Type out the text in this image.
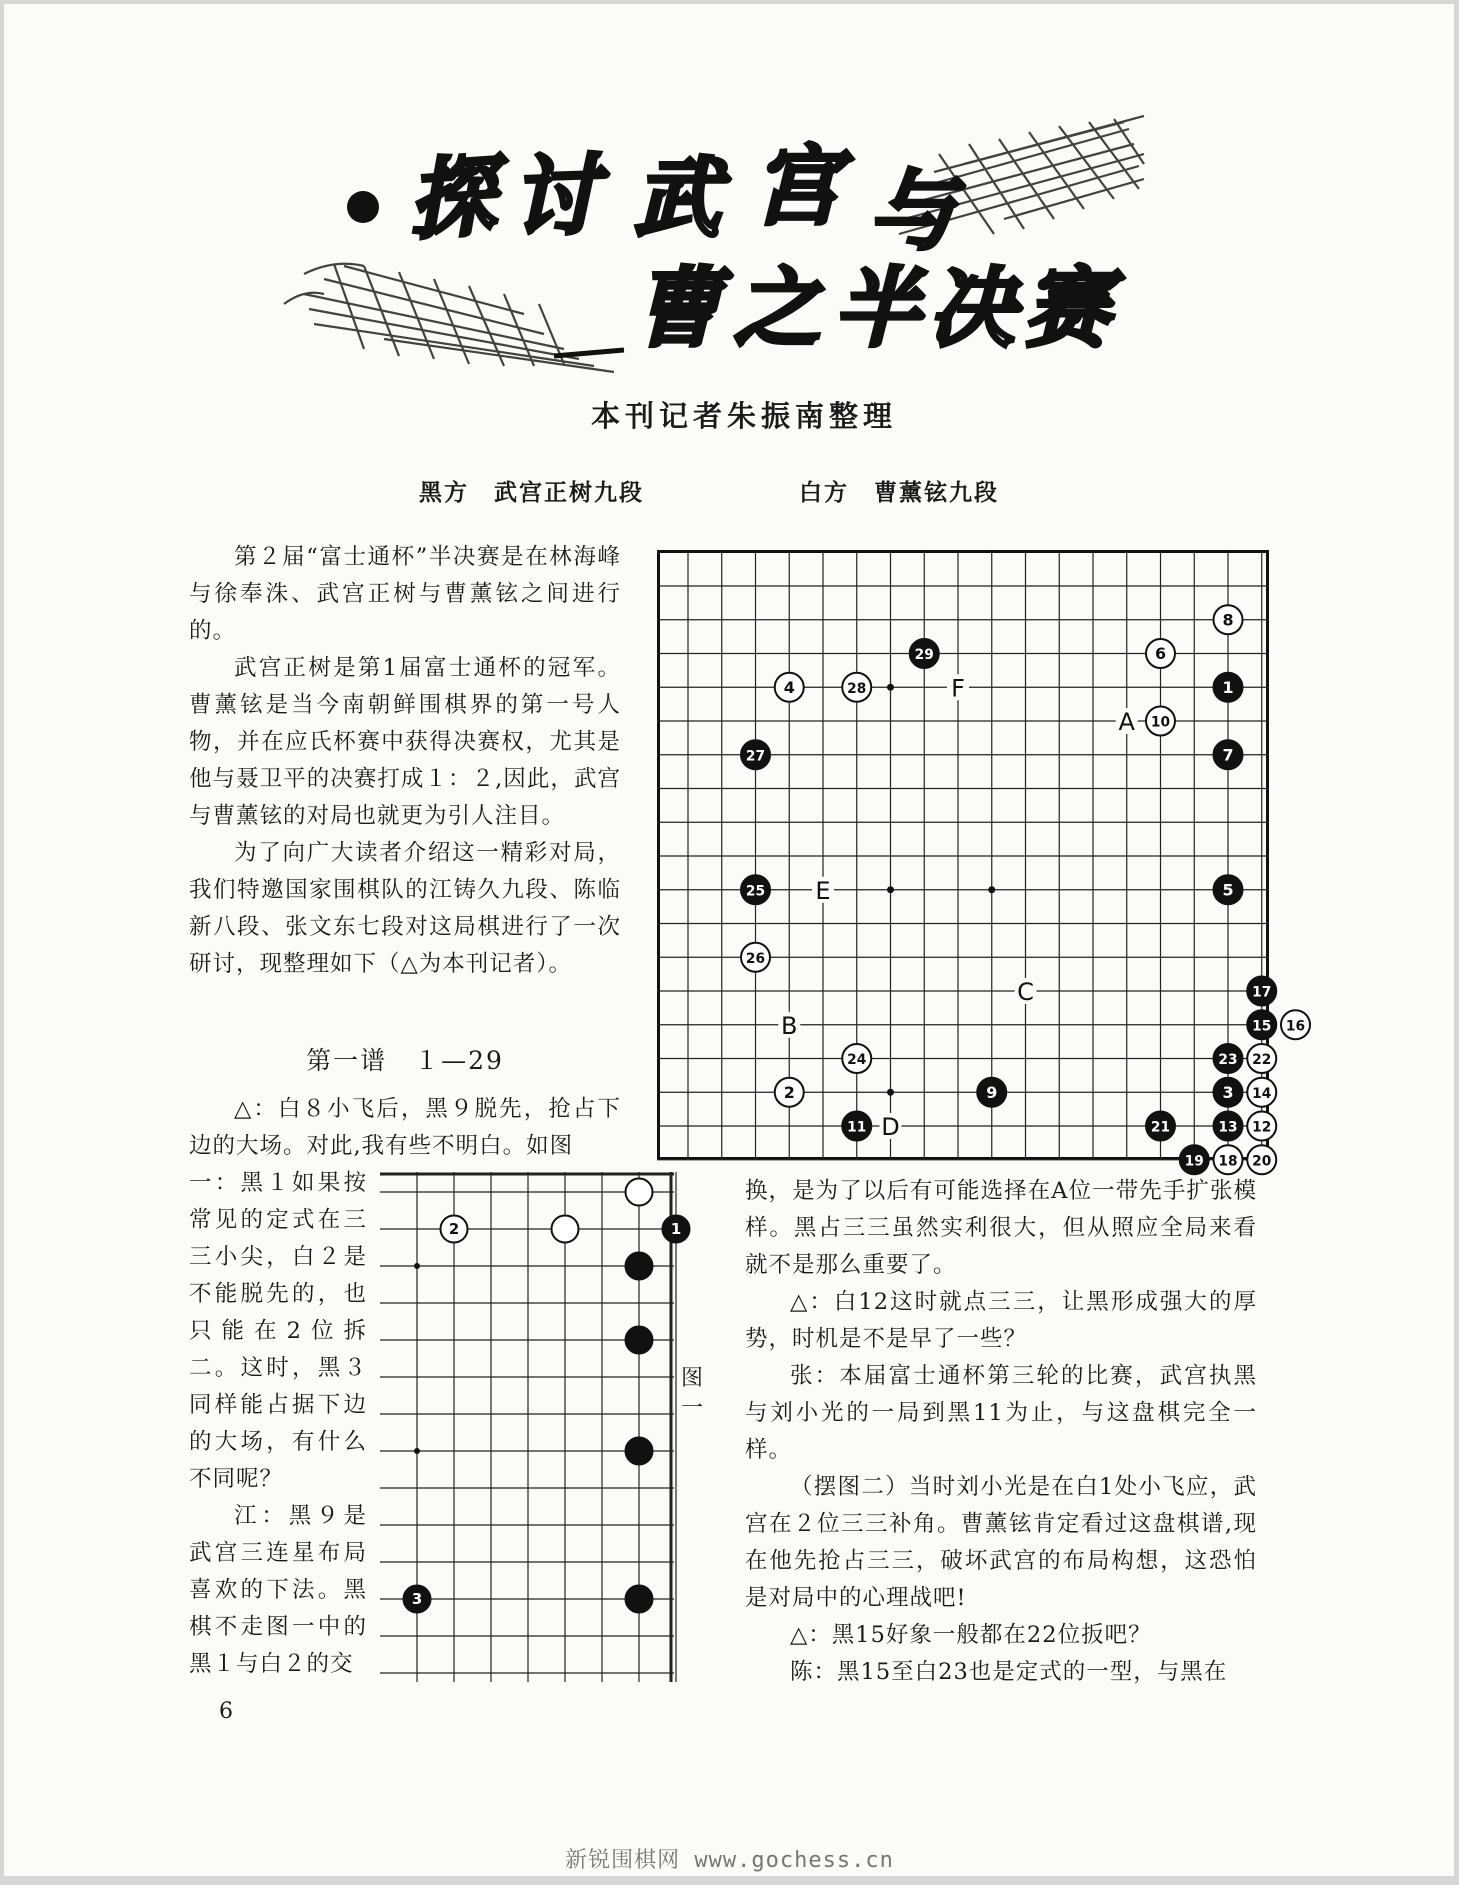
探 讨 武 宫 与
曹 之 半 决 赛
本刊记者朱振南整理
黑方　武宫正树九段	白方　曹薰铉九段

第２届“富士通杯”半决赛是在林海峰与徐奉洙、武宫正树与曹薰铉之间进行的。

武宫正树是第1届富士通杯的冠军。曹薰铉是当今南朝鲜围棋界的第一号人物，并在应氏杯赛中获得决赛权，尤其是他与聂卫平的决赛打成１：２,因此，武宫与曹薰铉的对局也就更为引人注目。

为了向广大读者介绍这一精彩对局，我们特邀国家围棋队的江铸久九段、陈临新八段、张文东七段对这局棋进行了一次研讨，现整理如下（△为本刊记者）。

第一谱　１—29

△：白８小飞后，黑９脱先，抢占下边的大场。对此,我有些不明白。如图

一：黑１如果按常见的定式在三三小尖，白２是不能脱先的，也只能在2位拆二。这时，黑３同样能占据下边的大场，有什么不同呢？

江：黑９是武宫三连星布局喜欢的下法。黑棋不走图一中的黑１与白２的交

A
B
C
D
E
F	1
2	3
4
5
6
7
8
9
10
11	12
13
14
15 16
17
18
19	20
21
22
23
24
25
26
27
28
29
2	1
3
图一

换，是为了以后有可能选择在A位一带先手扩张模样。黑占三三虽然实利很大，但从照应全局来看就不是那么重要了。

△：白12这时就点三三，让黑形成强大的厚势，时机是不是早了一些？

张：本届富士通杯第三轮的比赛，武宫执黑与刘小光的一局到黑11为止，与这盘棋完全一样。

（摆图二）当时刘小光是在白1处小飞应，武宫在２位三三补角。曹薰铉肯定看过这盘棋谱,现在他先抢占三三，破坏武宫的布局构想，这恐怕是对局中的心理战吧!

△：黑15好象一般都在22位扳吧？

陈：黑15至白23也是定式的一型，与黑在

6
新锐围棋网 www.gochess.cn
